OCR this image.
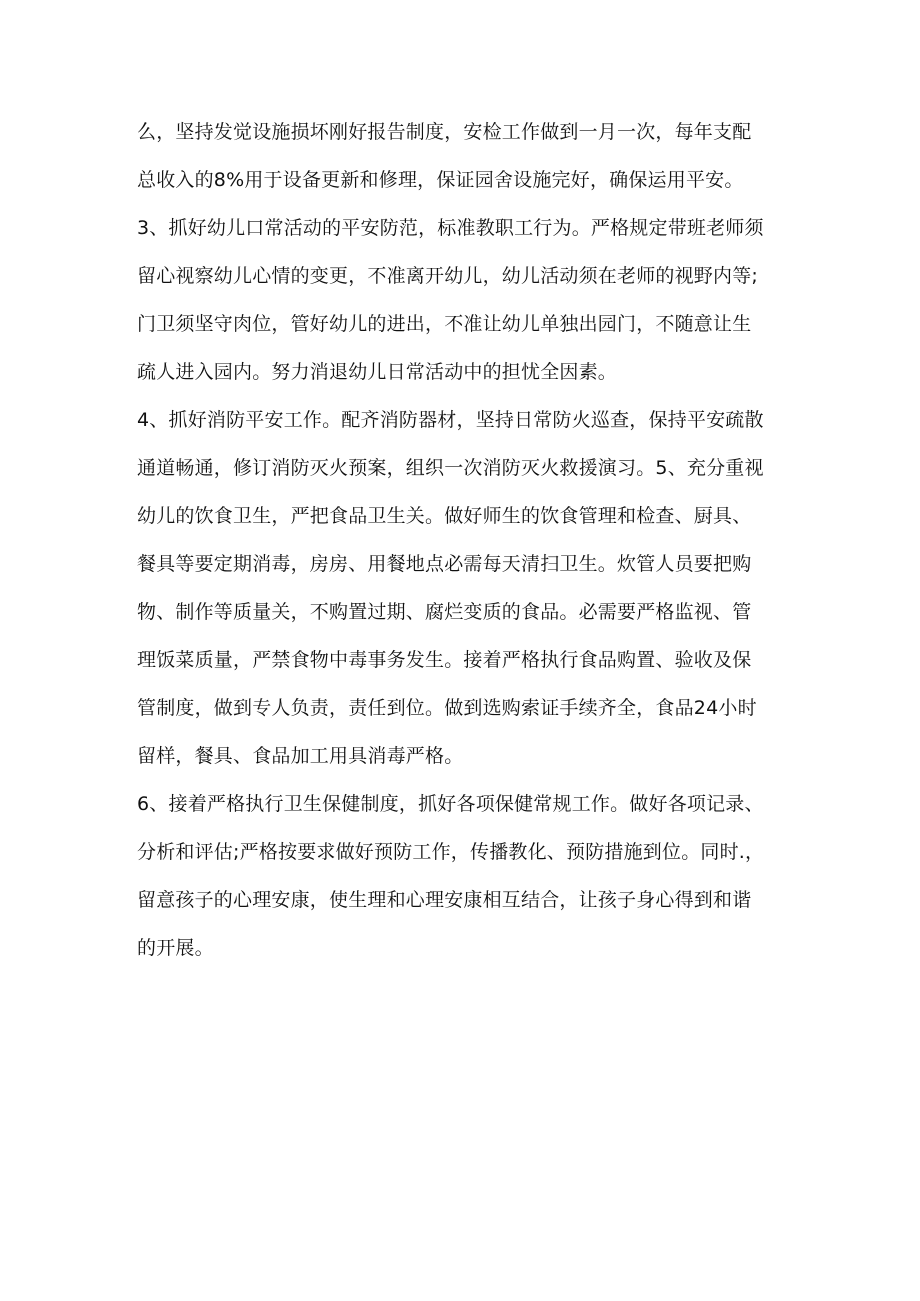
么，坚持发觉设施损坏刚好报告制度，安检工作做到一月一次，每年支配
总收入的8%用于设备更新和修理，保证园舍设施完好，确保运用平安。
3、抓好幼儿口常活动的平安防范，标准教职工行为。严格规定带班老师须
留心视察幼儿心情的变更，不准离开幼儿，幼儿活动须在老师的视野内等;
门卫须坚守肉位，管好幼儿的进出，不准让幼儿单独出园门，不随意让生
疏人进入园内。努力消退幼儿日常活动中的担忧全因素。
4、抓好消防平安工作。配齐消防器材，坚持日常防火巡查，保持平安疏散
通道畅通，修订消防灭火预案，组织一次消防灭火救援演习。5、充分重视
幼儿的饮食卫生，严把食品卫生关。做好师生的饮食管理和检查、厨具、
餐具等要定期消毒，房房、用餐地点必需每天清扫卫生。炊管人员要把购
物、制作等质量关，不购置过期、腐烂变质的食品。必需要严格监视、管
理饭菜质量，严禁食物中毒事务发生。接着严格执行食品购置、验收及保
管制度，做到专人负责，责任到位。做到选购索证手续齐全，食品24小时
留样，餐具、食品加工用具消毒严格。
6、接着严格执行卫生保健制度，抓好各项保健常规工作。做好各项记录、
分析和评估;严格按要求做好预防工作，传播教化、预防措施到位。同时.，
留意孩子的心理安康，使生理和心理安康相互结合，让孩子身心得到和谐
的开展。
